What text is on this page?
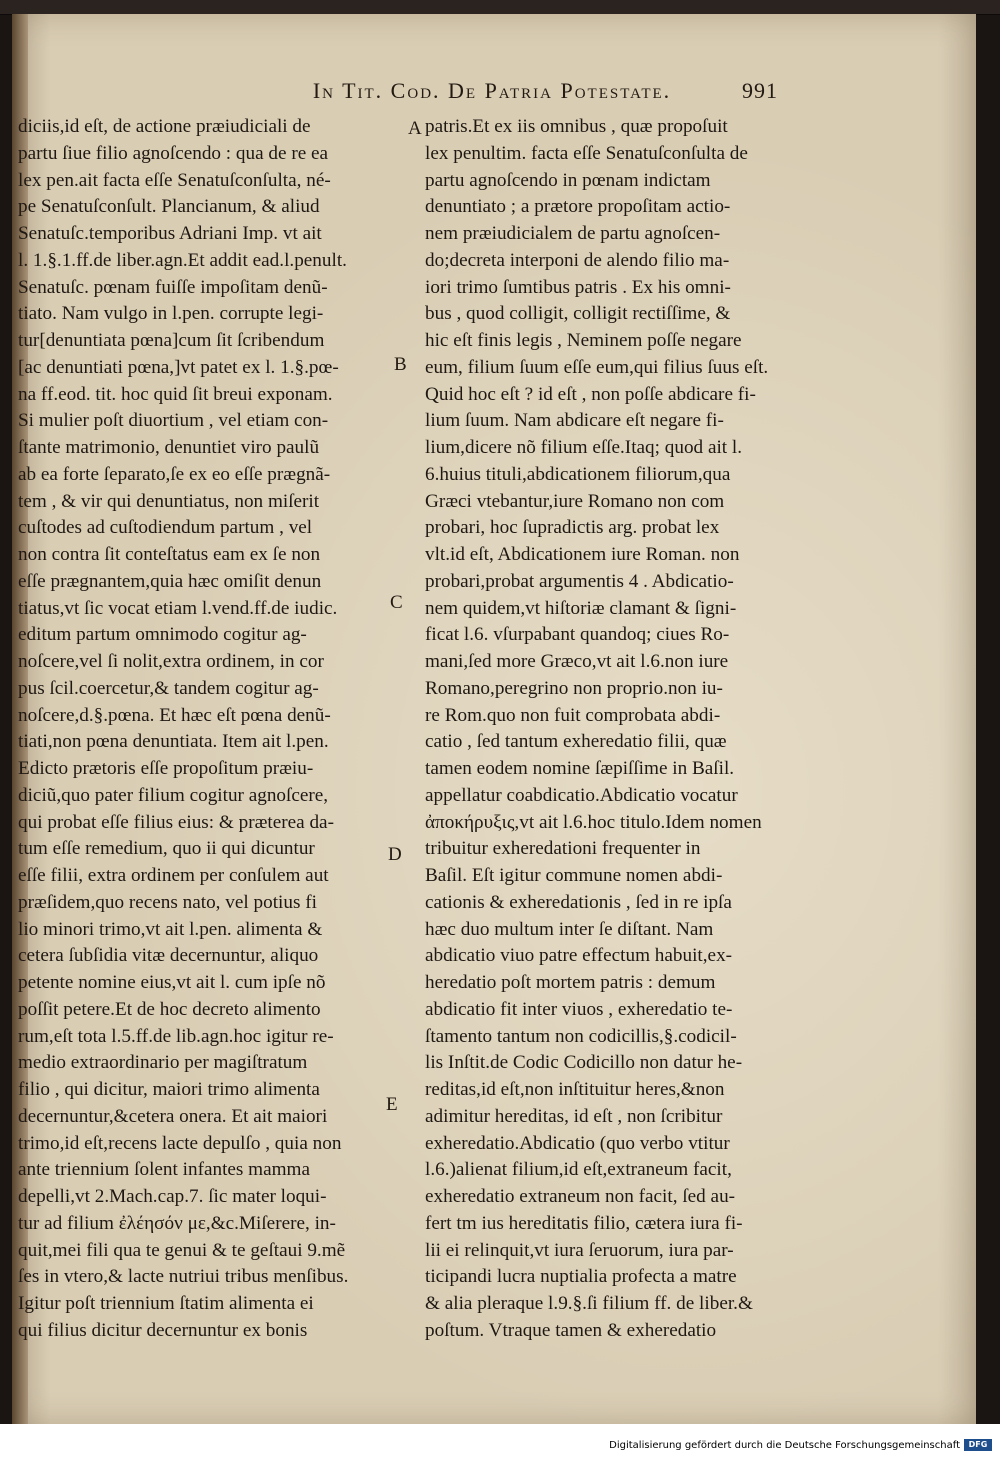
In Tit. Cod. De Patria Potestate.	991
diciis,id eſt, de actione præiudiciali de
partu ſiue filio agnoſcendo : qua de re ea
lex pen.ait facta eſſe Senatuſconſulta, né-
pe Senatuſconſult. Plancianum, & aliud
Senatuſc.temporibus Adriani Imp. vt ait
l. 1.§.1.ff.de liber.agn.Et addit ead.l.penult.
Senatuſc. pœnam fuiſſe impoſitam denũ-
tiato. Nam vulgo in l.pen. corrupte legi-
tur[denuntiata pœna]cum ſit ſcribendum
[ac denuntiati pœna,]vt patet ex l. 1.§.pœ-
na ff.eod. tit. hoc quid ſit breui exponam.
Si mulier poſt diuortium , vel etiam con-
ſtante matrimonio, denuntiet viro paulũ
ab ea forte ſeparato,ſe ex eo eſſe prægnã-
tem , & vir qui denuntiatus, non miſerit
cuſtodes ad cuſtodiendum partum , vel
non contra ſit conteſtatus eam ex ſe non
eſſe prægnantem,quia hæc omiſit denun
tiatus,vt ſic vocat etiam l.vend.ff.de iudic.
editum partum omnimodo cogitur ag-
noſcere,vel ſi nolit,extra ordinem, in cor
pus ſcil.coercetur,& tandem cogitur ag-
noſcere,d.§.pœna. Et hæc eſt pœna denũ-
tiati,non pœna denuntiata. Item ait l.pen.
Edicto prætoris eſſe propoſitum præiu-
diciũ,quo pater filium cogitur agnoſcere,
qui probat eſſe filius eius: & præterea da-
tum eſſe remedium, quo ii qui dicuntur
eſſe filii, extra ordinem per conſulem aut
præſidem,quo recens nato, vel potius fi
lio minori trimo,vt ait l.pen. alimenta &
cetera ſubſidia vitæ decernuntur, aliquo
petente nomine eius,vt ait l. cum ipſe nõ
poſſit petere.Et de hoc decreto alimento
rum,eſt tota l.5.ff.de lib.agn.hoc igitur re-
medio extraordinario per magiſtratum
filio , qui dicitur, maiori trimo alimenta
decernuntur,&cetera onera. Et ait maiori
trimo,id eſt,recens lacte depulſo , quia non
ante triennium ſolent infantes mamma
depelli,vt 2.Mach.cap.7. ſic mater loqui-
tur ad filium ἐλέησόν με,&c.Miſerere, in-
quit,mei fili qua te genui & te geſtaui 9.mẽ
ſes in vtero,& lacte nutriui tribus menſibus.
Igitur poſt triennium ſtatim alimenta ei
qui filius dicitur decernuntur ex bonis
patris.Et ex iis omnibus , quæ propoſuit
lex penultim. facta eſſe Senatuſconſulta de
partu agnoſcendo in pœnam indictam
denuntiato ; a prætore propoſitam actio-
nem præiudicialem de partu agnoſcen-
do;decreta interponi de alendo filio ma-
iori trimo ſumtibus patris . Ex his omni-
bus , quod colligit, colligit rectiſſime, &
hic eſt finis legis , Neminem poſſe negare
eum, filium ſuum eſſe eum,qui filius ſuus eſt.
Quid hoc eſt ? id eſt , non poſſe abdicare fi-
lium ſuum. Nam abdicare eſt negare fi-
lium,dicere nõ filium eſſe.Itaq; quod ait l.
6.huius tituli,abdicationem filiorum,qua
Græci vtebantur,iure Romano non com
probari, hoc ſupradictis arg. probat lex
vlt.id eſt, Abdicationem iure Roman. non
probari,probat argumentis 4 . Abdicatio-
nem quidem,vt hiſtoriæ clamant & ſigni-
ficat l.6. vſurpabant quandoq; ciues Ro-
mani,ſed more Græco,vt ait l.6.non iure
Romano,peregrino non proprio.non iu-
re Rom.quo non fuit comprobata abdi-
catio , ſed tantum exheredatio filii, quæ
tamen eodem nomine ſæpiſſime in Baſil.
appellatur coabdicatio.Abdicatio vocatur
ἀποκήρυξις,vt ait l.6.hoc titulo.Idem nomen
tribuitur exheredationi frequenter in
Baſil. Eſt igitur commune nomen abdi-
cationis & exheredationis , ſed in re ipſa
hæc duo multum inter ſe diſtant. Nam
abdicatio viuo patre effectum habuit,ex-
heredatio poſt mortem patris : demum
abdicatio fit inter viuos , exheredatio te-
ſtamento tantum non codicillis,§.codicil-
lis Inſtit.de Codic Codicillo non datur he-
reditas,id eſt,non inſtituitur heres,&non
adimitur hereditas, id eſt , non ſcribitur
exheredatio.Abdicatio (quo verbo vtitur
l.6.)alienat filium,id eſt,extraneum facit,
exheredatio extraneum non facit, ſed au-
fert tm ius hereditatis filio, cætera iura fi-
lii ei relinquit,vt iura ſeruorum, iura par-
ticipandi lucra nuptialia profecta a matre
& alia pleraque l.9.§.ſi filium ff. de liber.&
poſtum. Vtraque tamen & exheredatio
A
B
C
D
E
Digitalisierung gefördert durch die Deutsche Forschungsgemeinschaft	DFG
